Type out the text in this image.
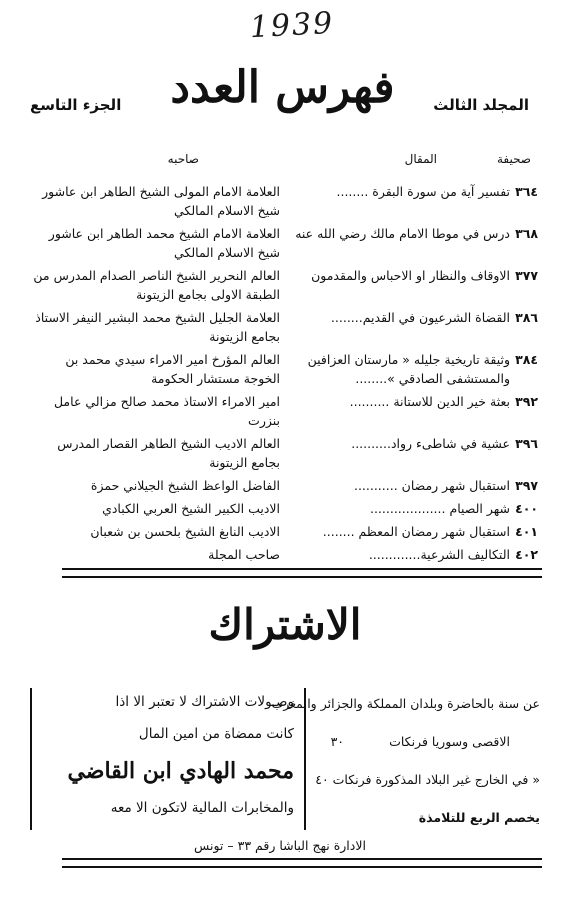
1939
المجلد الثالث
الجزء التاسع	فهرس العدد
صحيفة
المقال
صاحبه
٣٦٤
تفسير آية من سورة البقرة ........
العلامة الامام المولى الشيخ الطاهر ابن عاشور شيخ الاسلام المالكي
٣٦٨
درس في موطا الامام مالك رضي الله عنه
العلامة الامام الشيخ محمد الطاهر ابن عاشور شيخ الاسلام المالكي
٣٧٧
الاوقاف والنظار او الاحباس والمقدمون
العالم النحرير الشيخ الناصر الصدام المدرس من الطبقة الاولى بجامع الزيتونة
٣٨٦
القضاة الشرعيون في القديم........
العلامة الجليل الشيخ محمد البشير النيفر الاستاذ بجامع الزيتونة
٣٨٤
وثيقة تاريخية جليله « مارستان العزافين والمستشفى الصادقي »........
العالم المؤرخ امير الامراء سيدي محمد بن الخوجة مستشار الحكومة
٣٩٢
بعثة خير الدين للاستانة ..........
امير الامراء الاستاذ محمد صالح مزالي عامل بنزرت
٣٩٦
عشية في شاطىء رواد..........
العالم الاديب الشيخ الطاهر القصار المدرس بجامع الزيتونة
٣٩٧
استقبال شهر رمضان ...........
الفاضل الواعظ الشيخ الجيلاني حمزة
٤٠٠
شهر الصيام ...................
الاديب الكبير الشيخ العربي الكبادي
٤٠١
استقبال شهر رمضان المعظم ........
الاديب النابغ الشيخ بلحسن بن شعبان
٤٠٢
التكاليف الشرعية.............
صاحب المجلة
الاشتراك
وصـولات الاشتراك لا تعتبر الا اذا
كانت ممضاة من امين المال
محمد الهادي ابن القاضي
والمخابرات المالية لاتكون الا معه
عن سنة بالحاضرة وبلدان المملكة والجزائر والمغرب
الاقصى وسوريا فرنكات
٣٠
« في الخارج غير البلاد المذكورة فرنكات ٤٠
يخصم الربع للتلامذة
الادارة نهج الباشا رقم ٣٣ – تونس
